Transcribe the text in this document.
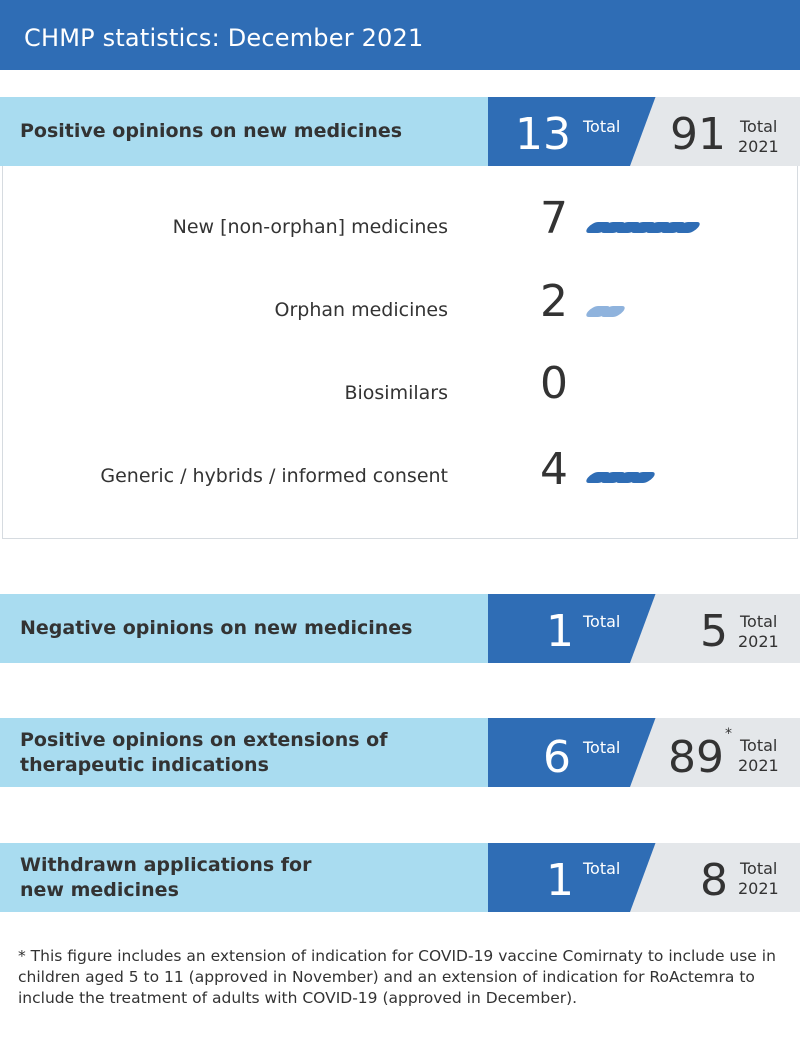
CHMP statistics: December 2021
Positive opinions on new medicines	13 Total 91 Total
2021
New [non-orphan] medicines 7
Orphan medicines 2
Biosimilars 0
Generic / hybrids / informed consent 4
Negative opinions on new medicines	1 Total 5 Total
2021
Positive opinions on extensions of
therapeutic indications	6 Total 89 *
Total
2021
Withdrawn applications for
new medicines	1 Total 8 Total
2021
* This figure includes an extension of indication for COVID-19 vaccine Comirnaty to include use in children aged 5 to 11 (approved in November) and an extension of indication for RoActemra to include the treatment of adults with COVID-19 (approved in December).
